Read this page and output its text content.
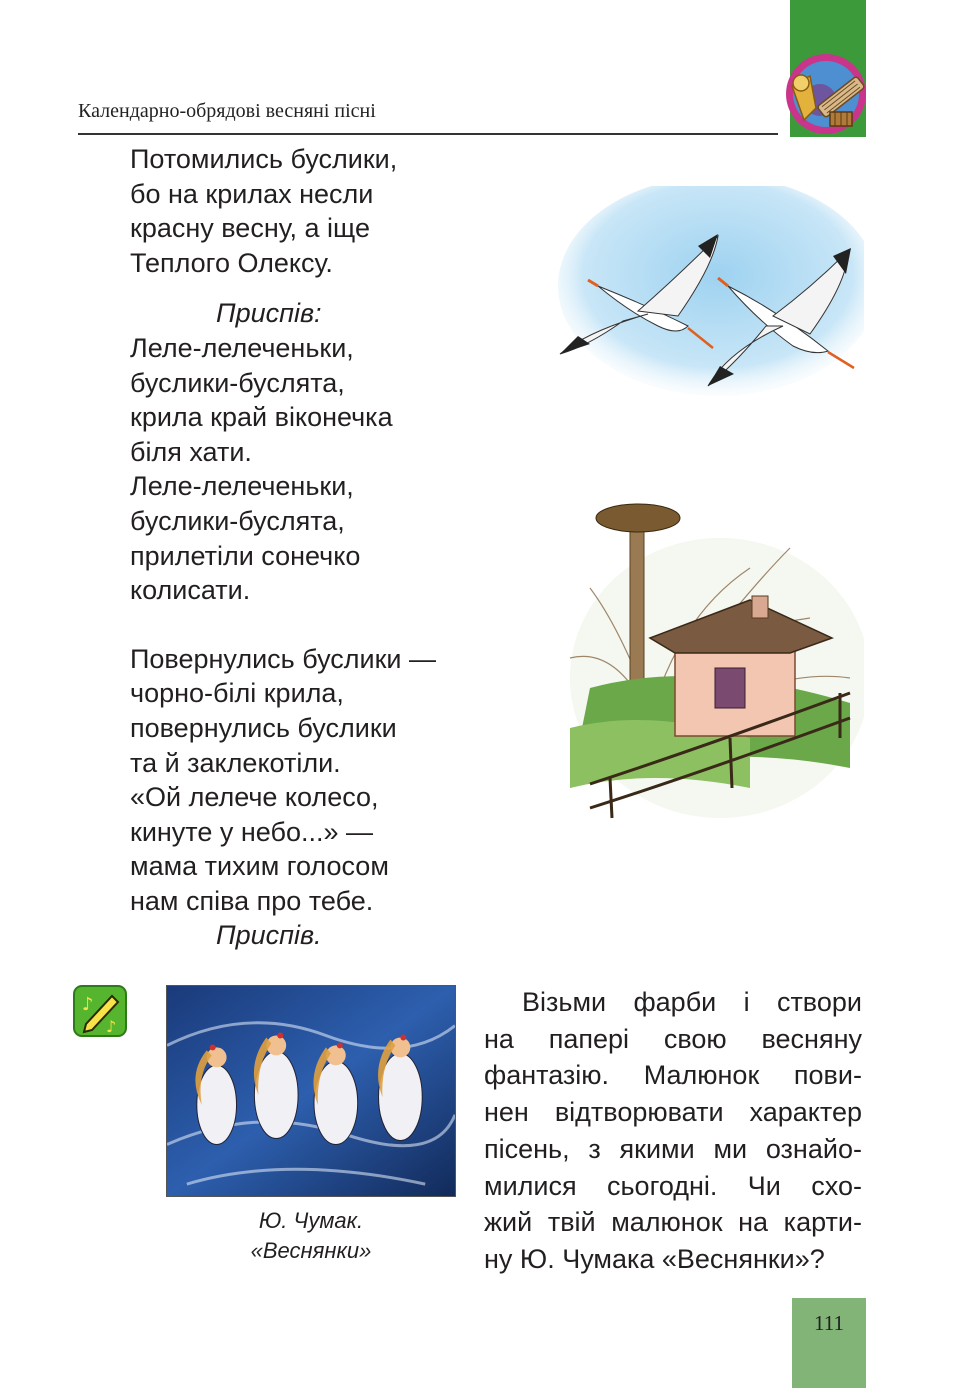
Календарно-обрядові весняні пісні
Потомились буслики,
бо на крилах несли
красну весну, а іще
Теплого Олексу.
Приспів:
Леле-лелеченьки,
буслики-буслята,
крила край віконечка
біля хати.
Леле-лелеченьки,
буслики-буслята,
прилетіли сонечко
колисати.
Повернулись буслики —
чорно-білі крила,
повернулись буслики
та й заклекотіли.
«Ой лелече колесо,
кинуте у небо...» —
мама тихим голосом
нам співа про тебе.
Приспів.
♪
♪
Ю. Чумак.
«Веснянки»
Візьми фарби і створи
на папері свою весняну
фантазію. Малюнок пови-
нен відтворювати характер
пісень, з якими ми ознайо-
милися сьогодні. Чи схо-
жий твій малюнок на карти-
ну Ю. Чумака «Веснянки»?
111
